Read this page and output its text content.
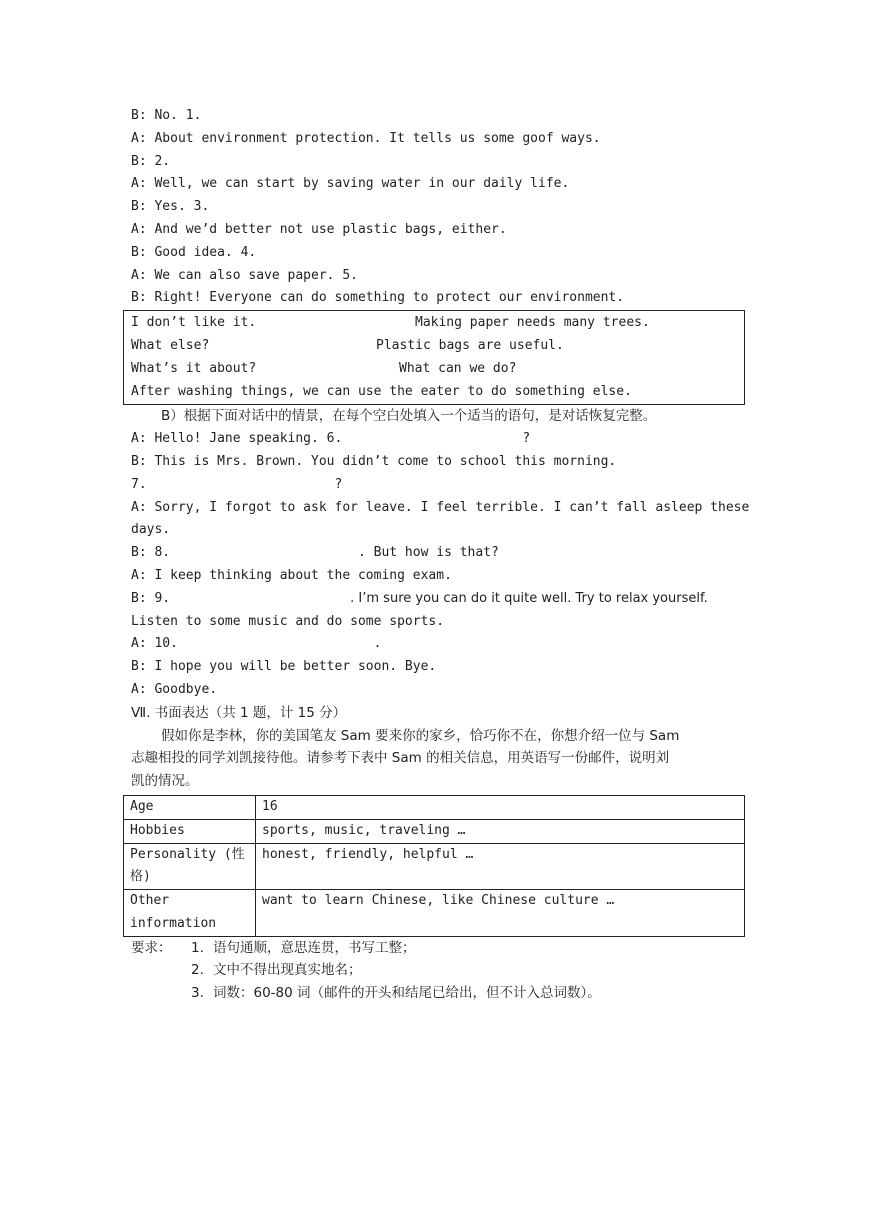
B: No. 1.
A: About environment protection. It tells us some goof ways.
B: 2.
A: Well, we can start by saving water in our daily life.
B: Yes. 3.
A: And we’d better not use plastic bags, either.
B: Good idea. 4.
A: We can also save paper. 5.
B: Right! Everyone can do something to protect our environment.
I don’t like it.	Making paper needs many trees.
What else?	Plastic bags are useful.
What’s it about?	What can we do?
After washing things, we can use the eater to do something else.
B）根据下面对话中的情景，在每个空白处填入一个适当的语句，是对话恢复完整。
A: Hello! Jane speaking. 6.                       ?
B: This is Mrs. Brown. You didn’t come to school this morning.
7.                        ?
A: Sorry, I forgot to ask for leave. I feel terrible. I can’t fall asleep these
days.
B: 8.                        . But how is that?
A: I keep thinking about the coming exam.
B: 9.                       . I’m sure you can do it quite well. Try to relax yourself.
Listen to some music and do some sports.
A: 10.                         .
B: I hope you will be better soon. Bye.
A: Goodbye.
Ⅶ. 书面表达（共 1 题，计 15 分）
假如你是李林，你的美国笔友 Sam 要来你的家乡，恰巧你不在，你想介绍一位与 Sam
志趣相投的同学刘凯接待他。请参考下表中 Sam 的相关信息，用英语写一份邮件，说明刘
凯的情况。
Age	16
Hobbies	sports, music, traveling …
Personality (性格)	honest, friendly, helpful …
Other information	want to learn Chinese, like Chinese culture …
要求： 1. 语句通顺，意思连贯，书写工整；
2. 文中不得出现真实地名；
3. 词数：60-80 词（邮件的开头和结尾已给出，但不计入总词数）。
